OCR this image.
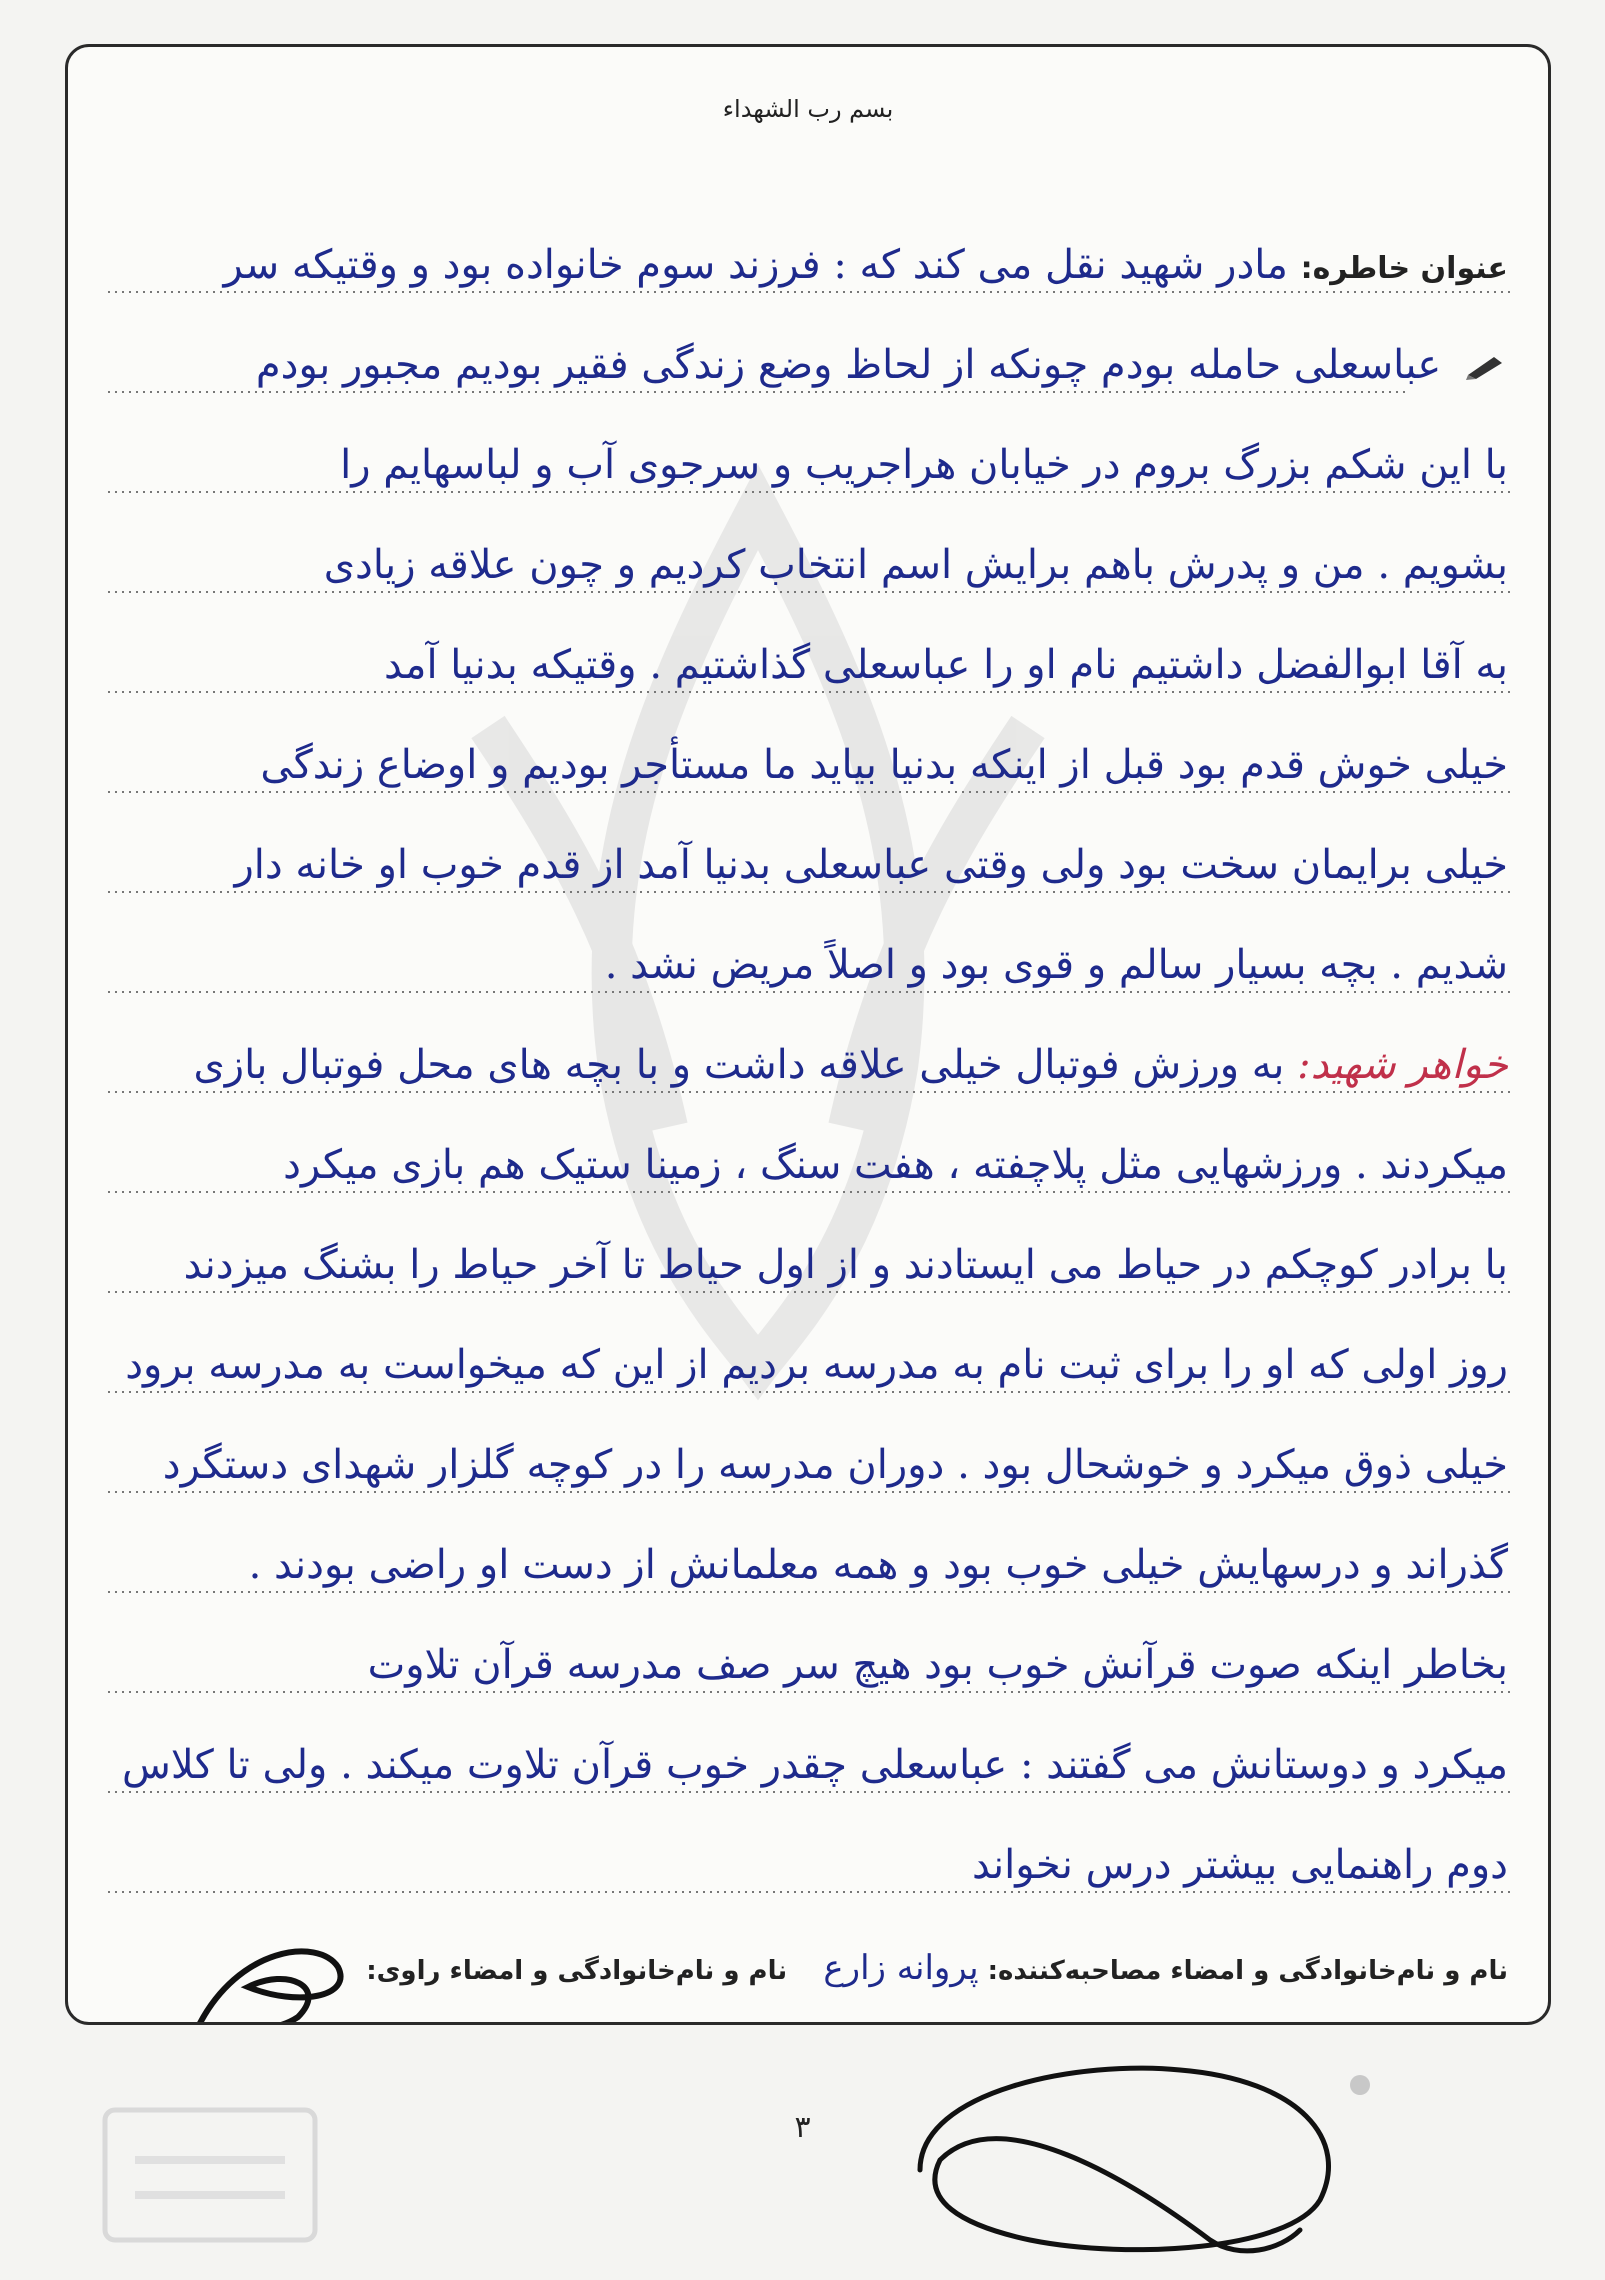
بسم رب الشهداء
عنوان خاطره: مادر شهید نقل می کند که : فرزند سوم خانواده بود و وقتیکه سر
عباسعلی حامله بودم چونکه از لحاظ وضع زندگی فقیر بودیم مجبور بودم
با این شکم بزرگ بروم در خیابان هراجریب و سرجوی آب و لباسهایم را
بشویم . من و پدرش باهم برایش اسم انتخاب کردیم و چون علاقه زیادی
به آقا ابوالفضل داشتیم نام او را عباسعلی گذاشتیم . وقتیکه بدنیا آمد
خیلی خوش قدم بود قبل از اینکه بدنیا بیاید ما مستأجر بودیم و اوضاع زندگی
خیلی برایمان سخت بود ولی وقتی عباسعلی بدنیا آمد از قدم خوب او خانه دار
شدیم . بچه بسیار سالم و قوی بود و اصلاً مریض نشد .
خواهر شهید: به ورزش فوتبال خیلی علاقه داشت و با بچه های محل فوتبال بازی
میکردند . ورزشهایی مثل پلاچفته ، هفت سنگ ، زمینا ستیک هم بازی میکرد
با برادر کوچکم در حیاط می ایستادند و از اول حیاط تا آخر حیاط را بشنگ میزدند
روز اولی که او را برای ثبت نام به مدرسه بردیم از این که میخواست به مدرسه برود
خیلی ذوق میکرد و خوشحال بود . دوران مدرسه را در کوچه گلزار شهدای دستگرد
گذراند و درسهایش خیلی خوب بود و همه معلمانش از دست او راضی بودند .
بخاطر اینکه صوت قرآنش خوب بود هیچ سر صف مدرسه قرآن تلاوت
میکرد و دوستانش می گفتند : عباسعلی چقدر خوب قرآن تلاوت میکند . ولی تا کلاس
دوم راهنمایی بیشتر درس نخواند
نام و نام‌خانوادگی و امضاء مصاحبه‌کننده: پروانه زارع    نام و نام‌خانوادگی و امضاء راوی:
۳
